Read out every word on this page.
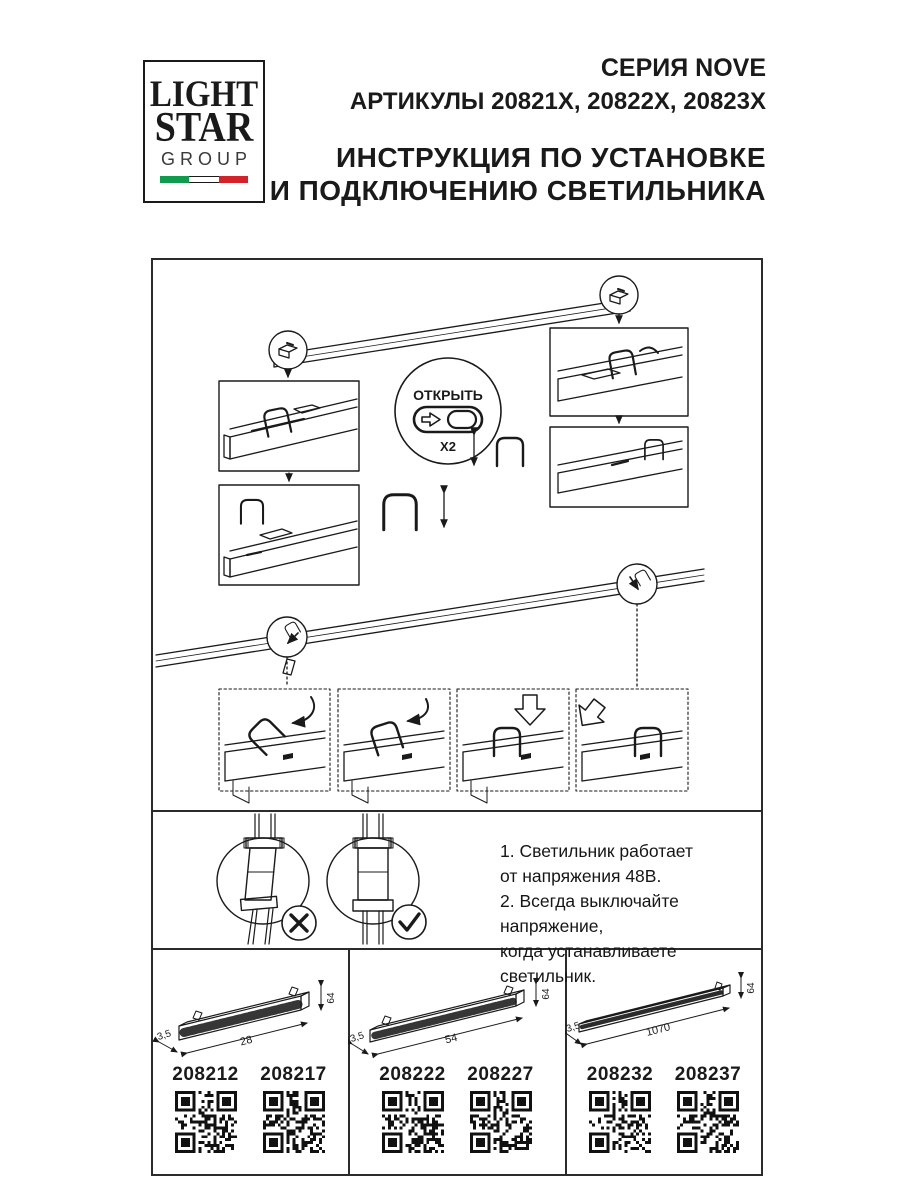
LIGHT
STAR
GROUP
СЕРИЯ NOVE
АРТИКУЛЫ 20821X, 20822X, 20823X
ИНСТРУКЦИЯ ПО УСТАНОВКЕ
И ПОДКЛЮЧЕНИЮ СВЕТИЛЬНИКА
ОТКРЫТЬ
X2
1. Светильник работает
от напряжения 48В.
2. Всегда выключайте напряжение,
когда устанавливаете светильник.
64
28
3,5
208212	208217
64
54
3,5
208222	208227
64
1070
3,5
208232	208237
